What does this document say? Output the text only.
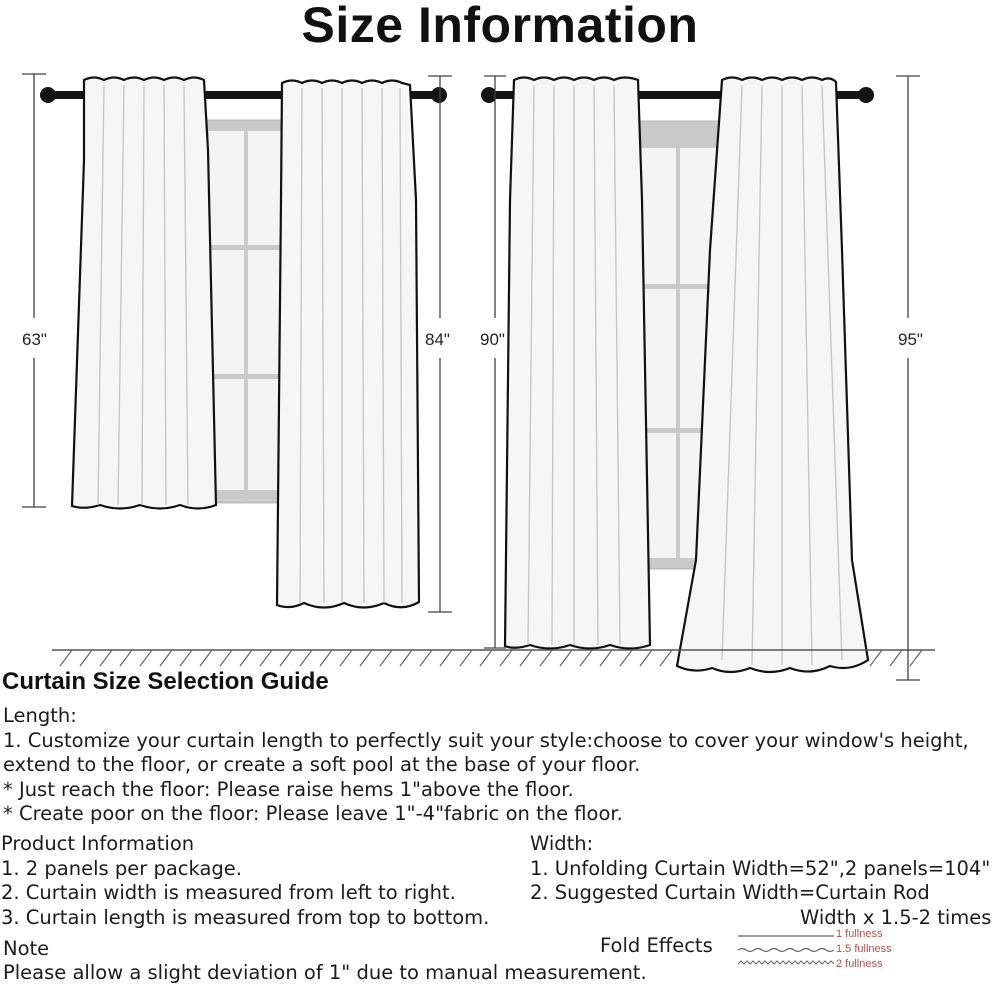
Size Information
63"	84" 90"	95"
Curtain Size Selection Guide
Length:
1. Customize your curtain length to perfectly suit your style:choose to cover your window's height,
extend to the floor, or create a soft pool at the base of your floor.
* Just reach the floor: Please raise hems 1"above the floor.
* Create poor on the floor: Please leave 1"-4"fabric on the floor.
Product Information
1. 2 panels per package.
2. Curtain width is measured from left to right.
3. Curtain length is measured from top to bottom.
Width:
1. Unfolding Curtain Width=52",2 panels=104"
2. Suggested Curtain Width=Curtain Rod
Width x 1.5-2 times
Note
Please allow a slight deviation of 1" due to manual measurement.
Fold Effects	1 fullness
1.5 fullness
2 fullness
